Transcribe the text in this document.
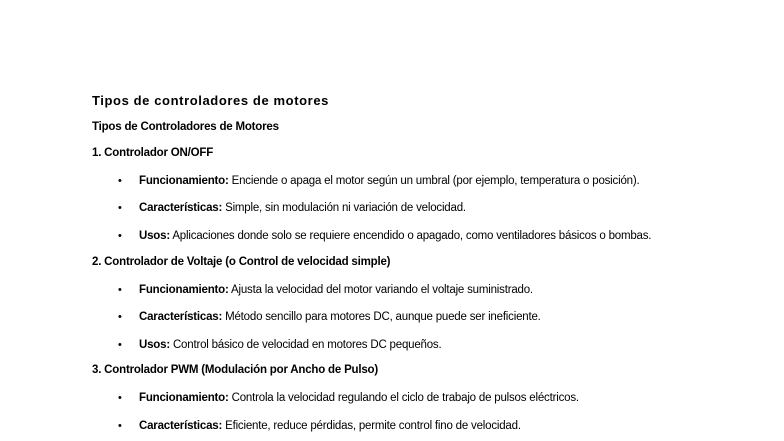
Tipos de controladores de motores
Tipos de Controladores de Motores
1. Controlador ON/OFF
• Funcionamiento: Enciende o apaga el motor según un umbral (por ejemplo, temperatura o posición).
• Características: Simple, sin modulación ni variación de velocidad.
• Usos: Aplicaciones donde solo se requiere encendido o apagado, como ventiladores básicos o bombas.
2. Controlador de Voltaje (o Control de velocidad simple)
• Funcionamiento: Ajusta la velocidad del motor variando el voltaje suministrado.
• Características: Método sencillo para motores DC, aunque puede ser ineficiente.
• Usos: Control básico de velocidad en motores DC pequeños.
3. Controlador PWM (Modulación por Ancho de Pulso)
• Funcionamiento: Controla la velocidad regulando el ciclo de trabajo de pulsos eléctricos.
• Características: Eficiente, reduce pérdidas, permite control fino de velocidad.
